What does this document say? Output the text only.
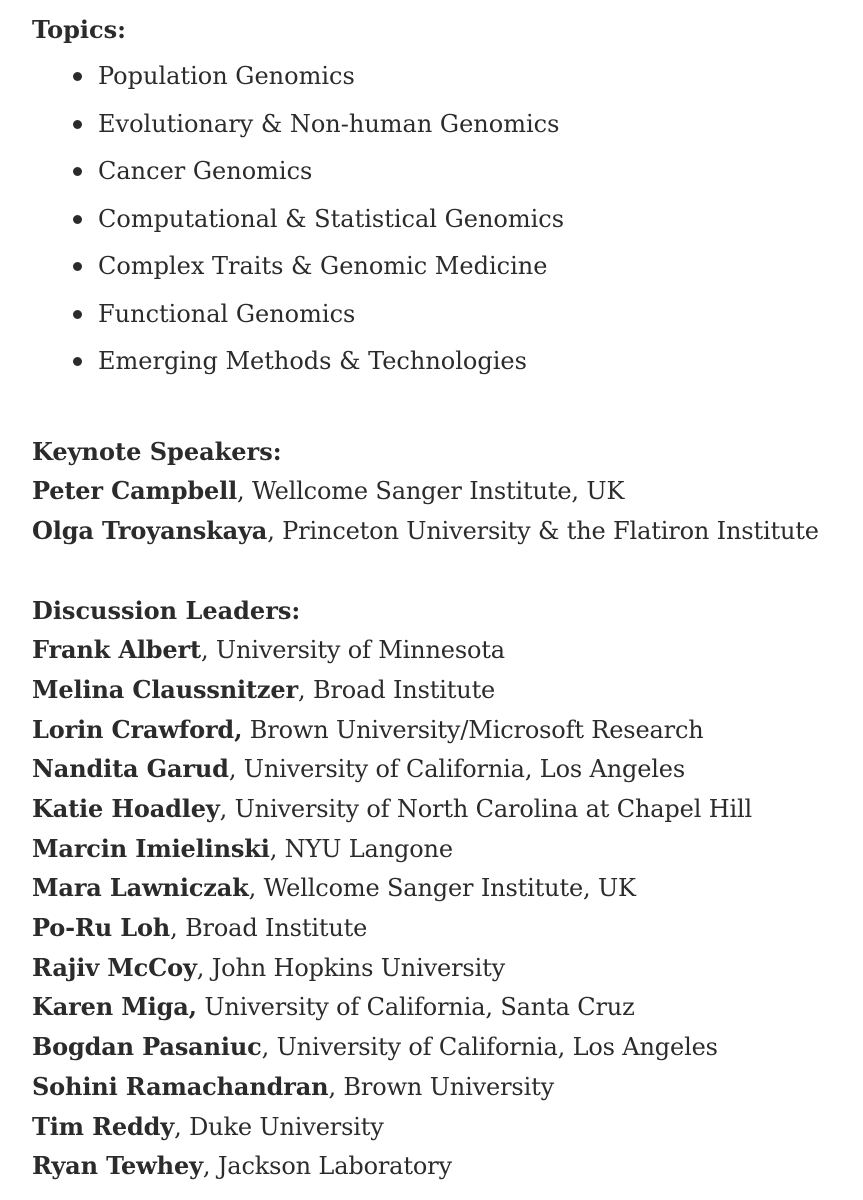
Topics:
Population Genomics
Evolutionary & Non-human Genomics
Cancer Genomics
Computational & Statistical Genomics
Complex Traits & Genomic Medicine
Functional Genomics
Emerging Methods & Technologies
Keynote Speakers:
Peter Campbell, Wellcome Sanger Institute, UK
Olga Troyanskaya, Princeton University & the Flatiron Institute
Discussion Leaders:
Frank Albert, University of Minnesota
Melina Claussnitzer, Broad Institute
Lorin Crawford, Brown University/Microsoft Research
Nandita Garud, University of California, Los Angeles
Katie Hoadley, University of North Carolina at Chapel Hill
Marcin Imielinski, NYU Langone
Mara Lawniczak, Wellcome Sanger Institute, UK
Po-Ru Loh, Broad Institute
Rajiv McCoy, John Hopkins University
Karen Miga, University of California, Santa Cruz
Bogdan Pasaniuc, University of California, Los Angeles
Sohini Ramachandran, Brown University
Tim Reddy, Duke University
Ryan Tewhey, Jackson Laboratory
